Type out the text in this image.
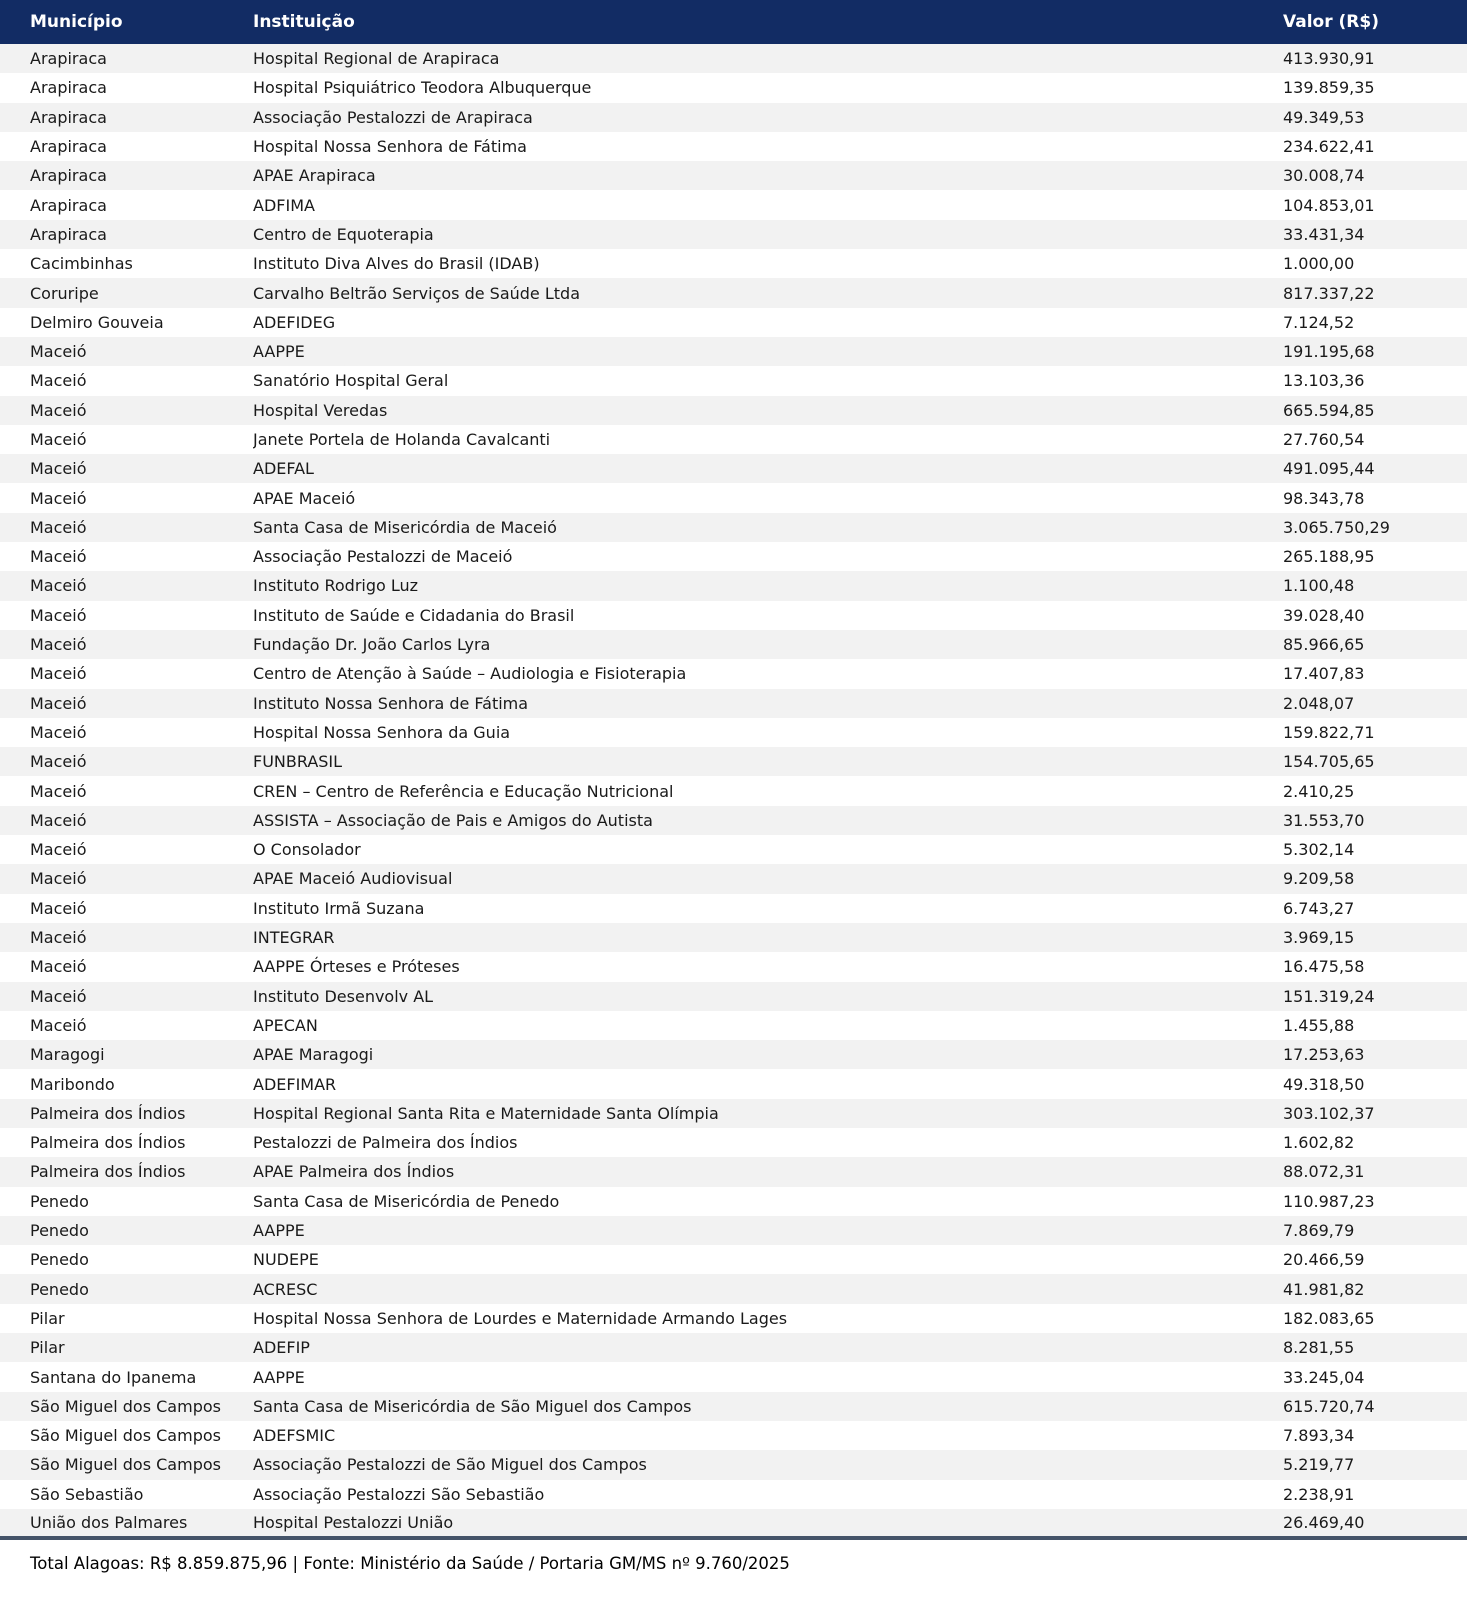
Município	Instituição	Valor (R$)
Arapiraca	Hospital Regional de Arapiraca	413.930,91
Arapiraca	Hospital Psiquiátrico Teodora Albuquerque	139.859,35
Arapiraca	Associação Pestalozzi de Arapiraca	49.349,53
Arapiraca	Hospital Nossa Senhora de Fátima	234.622,41
Arapiraca	APAE Arapiraca	30.008,74
Arapiraca	ADFIMA	104.853,01
Arapiraca	Centro de Equoterapia	33.431,34
Cacimbinhas	Instituto Diva Alves do Brasil (IDAB)	1.000,00
Coruripe	Carvalho Beltrão Serviços de Saúde Ltda	817.337,22
Delmiro Gouveia	ADEFIDEG	7.124,52
Maceió	AAPPE	191.195,68
Maceió	Sanatório Hospital Geral	13.103,36
Maceió	Hospital Veredas	665.594,85
Maceió	Janete Portela de Holanda Cavalcanti	27.760,54
Maceió	ADEFAL	491.095,44
Maceió	APAE Maceió	98.343,78
Maceió	Santa Casa de Misericórdia de Maceió	3.065.750,29
Maceió	Associação Pestalozzi de Maceió	265.188,95
Maceió	Instituto Rodrigo Luz	1.100,48
Maceió	Instituto de Saúde e Cidadania do Brasil	39.028,40
Maceió	Fundação Dr. João Carlos Lyra	85.966,65
Maceió	Centro de Atenção à Saúde – Audiologia e Fisioterapia	17.407,83
Maceió	Instituto Nossa Senhora de Fátima	2.048,07
Maceió	Hospital Nossa Senhora da Guia	159.822,71
Maceió	FUNBRASIL	154.705,65
Maceió	CREN – Centro de Referência e Educação Nutricional	2.410,25
Maceió	ASSISTA – Associação de Pais e Amigos do Autista	31.553,70
Maceió	O Consolador	5.302,14
Maceió	APAE Maceió Audiovisual	9.209,58
Maceió	Instituto Irmã Suzana	6.743,27
Maceió	INTEGRAR	3.969,15
Maceió	AAPPE Órteses e Próteses	16.475,58
Maceió	Instituto Desenvolv AL	151.319,24
Maceió	APECAN	1.455,88
Maragogi	APAE Maragogi	17.253,63
Maribondo	ADEFIMAR	49.318,50
Palmeira dos Índios	Hospital Regional Santa Rita e Maternidade Santa Olímpia	303.102,37
Palmeira dos Índios	Pestalozzi de Palmeira dos Índios	1.602,82
Palmeira dos Índios	APAE Palmeira dos Índios	88.072,31
Penedo	Santa Casa de Misericórdia de Penedo	110.987,23
Penedo	AAPPE	7.869,79
Penedo	NUDEPE	20.466,59
Penedo	ACRESC	41.981,82
Pilar	Hospital Nossa Senhora de Lourdes e Maternidade Armando Lages	182.083,65
Pilar	ADEFIP	8.281,55
Santana do Ipanema	AAPPE	33.245,04
São Miguel dos Campos	Santa Casa de Misericórdia de São Miguel dos Campos	615.720,74
São Miguel dos Campos	ADEFSMIC	7.893,34
São Miguel dos Campos	Associação Pestalozzi de São Miguel dos Campos	5.219,77
São Sebastião	Associação Pestalozzi São Sebastião	2.238,91
União dos Palmares	Hospital Pestalozzi União	26.469,40
Total Alagoas: R$ 8.859.875,96 | Fonte: Ministério da Saúde / Portaria GM/MS nº 9.760/2025
